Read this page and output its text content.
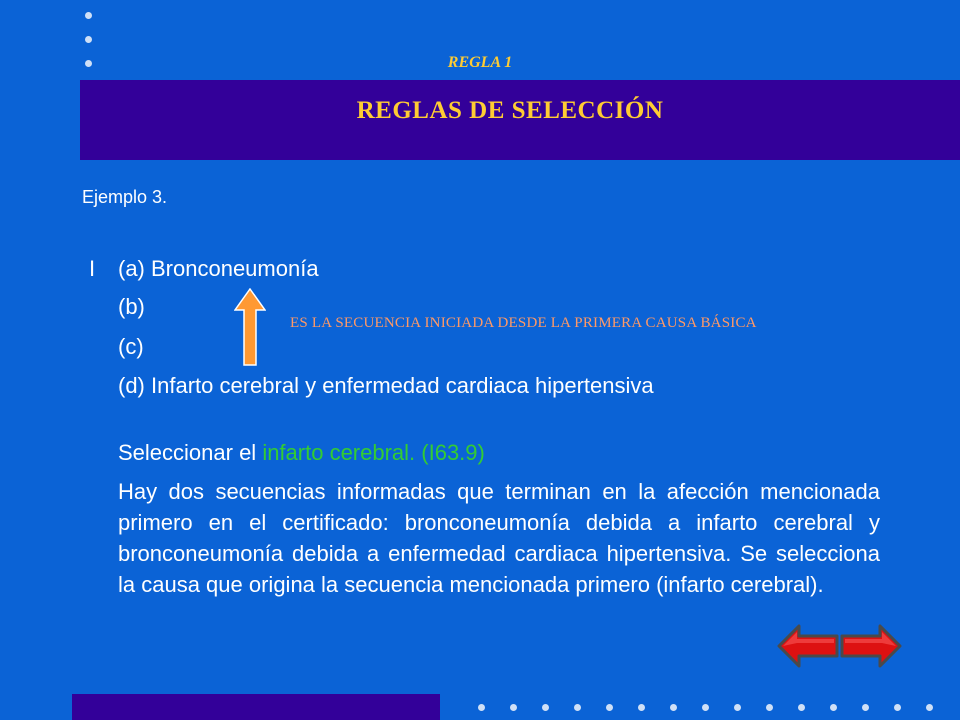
REGLAS DE SELECCIÓN
REGLA 1
Ejemplo 3.
I (a) Bronconeumonía
(b)
(c)
(d) Infarto cerebral y enfermedad cardiaca hipertensiva
ES LA SECUENCIA INICIADA DESDE LA PRIMERA CAUSA BÁSICA
Seleccionar el infarto cerebral. (I63.9)
Hay dos secuencias informadas que terminan en la afección mencionada primero en el certificado: bronconeumonía debida a infarto cerebral y bronconeumonía debida a enfermedad cardiaca hipertensiva. Se selecciona la causa que origina la secuencia mencionada primero (infarto cerebral).
